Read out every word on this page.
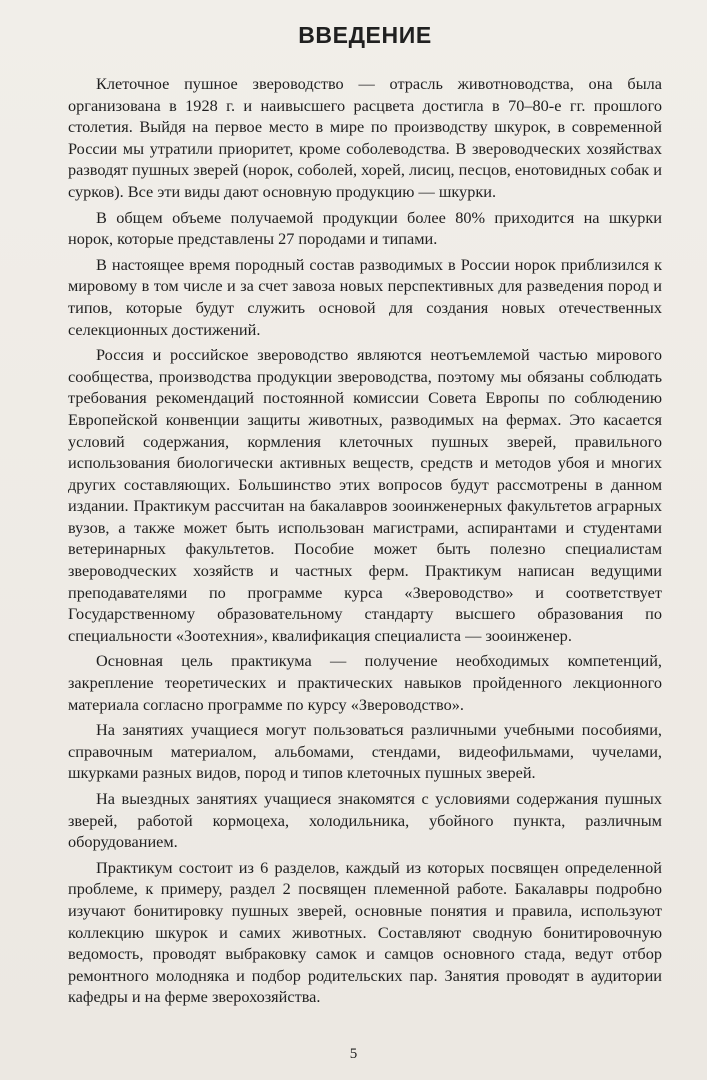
ВВЕДЕНИЕ

Клеточное пушное звероводство — отрасль животноводства, она была организована в 1928 г. и наивысшего расцвета достигла в 70–80-е гг. прошлого столетия. Выйдя на первое место в мире по производству шкурок, в современной России мы утратили приоритет, кроме соболеводства. В звероводческих хозяйствах разводят пушных зверей (норок, соболей, хорей, лисиц, песцов, енотовидных собак и сурков). Все эти виды дают основную продукцию — шкурки.

В общем объеме получаемой продукции более 80% приходится на шкурки норок, которые представлены 27 породами и типами.

В настоящее время породный состав разводимых в России норок приблизился к мировому в том числе и за счет завоза новых перспективных для разведения пород и типов, которые будут служить основой для создания новых отечественных селекционных достижений.

Россия и российское звероводство являются неотъемлемой частью мирового сообщества, производства продукции звероводства, поэтому мы обязаны соблюдать требования рекомендаций постоянной комиссии Совета Европы по соблюдению Европейской конвенции защиты животных, разводимых на фермах. Это касается условий содержания, кормления клеточных пушных зверей, правильного использования биологически активных веществ, средств и методов убоя и многих других составляющих. Большинство этих вопросов будут рассмотрены в данном издании. Практикум рассчитан на бакалавров зооинженерных факультетов аграрных вузов, а также может быть использован магистрами, аспирантами и студентами ветеринарных факультетов. Пособие может быть полезно специалистам звероводческих хозяйств и частных ферм. Практикум написан ведущими преподавателями по программе курса «Звероводство» и соответствует Государственному образовательному стандарту высшего образования по специальности «Зоотехния», квалификация специалиста — зооинженер.

Основная цель практикума — получение необходимых компетенций, закрепление теоретических и практических навыков пройденного лекционного материала согласно программе по курсу «Звероводство».

На занятиях учащиеся могут пользоваться различными учебными пособиями, справочным материалом, альбомами, стендами, видеофильмами, чучелами, шкурками разных видов, пород и типов клеточных пушных зверей.

На выездных занятиях учащиеся знакомятся с условиями содержания пушных зверей, работой кормоцеха, холодильника, убойного пункта, различным оборудованием.

Практикум состоит из 6 разделов, каждый из которых посвящен определенной проблеме, к примеру, раздел 2 посвящен племенной работе. Бакалавры подробно изучают бонитировку пушных зверей, основные понятия и правила, используют коллекцию шкурок и самих животных. Составляют сводную бонитировочную ведомость, проводят выбраковку самок и самцов основного стада, ведут отбор ремонтного молодняка и подбор родительских пар. Занятия проводят в аудитории кафедры и на ферме зверохозяйства.

5
